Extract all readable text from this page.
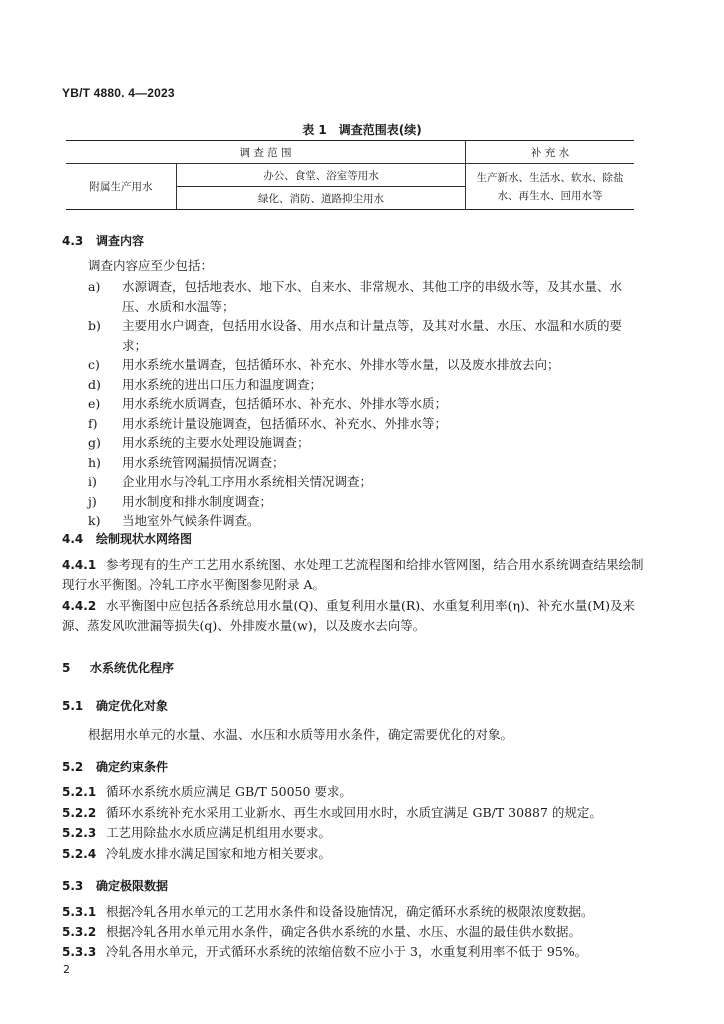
YB/T 4880. 4—2023
表 1　调查范围表(续)
调 查 范 围		补 充 水
附属生产用水	办公、食堂、浴室等用水	生产新水、生活水、软水、除盐水、再生水、回用水等
	绿化、消防、道路抑尘用水	
4.3 调查内容
调查内容应至少包括：
a)	水源调查，包括地表水、地下水、自来水、非常规水、其他工序的串级水等，及其水量、水压、水质和水温等；
b)	主要用水户调查，包括用水设备、用水点和计量点等，及其对水量、水压、水温和水质的要求；
c)	用水系统水量调查，包括循环水、补充水、外排水等水量，以及废水排放去向；
d)	用水系统的进出口压力和温度调查；
e)	用水系统水质调查，包括循环水、补充水、外排水等水质；
f)	用水系统计量设施调查，包括循环水、补充水、外排水等；
g)	用水系统的主要水处理设施调查；
h)	用水系统管网漏损情况调查；
i)	企业用水与冷轧工序用水系统相关情况调查；
j)	用水制度和排水制度调查；
k)	当地室外气候条件调查。
4.4 绘制现状水网络图
4.4.1 参考现有的生产工艺用水系统图、水处理工艺流程图和给排水管网图，结合用水系统调查结果绘制现行水平衡图。冷轧工序水平衡图参见附录 A。
4.4.2 水平衡图中应包括各系统总用水量(Q)、重复利用水量(R)、水重复利用率(η)、补充水量(M)及来源、蒸发风吹泄漏等损失(q)、外排废水量(w)，以及废水去向等。
5 水系统优化程序
5.1 确定优化对象
根据用水单元的水量、水温、水压和水质等用水条件，确定需要优化的对象。
5.2 确定约束条件
5.2.1 循环水系统水质应满足 GB/T 50050 要求。
5.2.2 循环水系统补充水采用工业新水、再生水或回用水时，水质宜满足 GB/T 30887 的规定。
5.2.3 工艺用除盐水水质应满足机组用水要求。
5.2.4 冷轧废水排水满足国家和地方相关要求。
5.3 确定极限数据
5.3.1 根据冷轧各用水单元的工艺用水条件和设备设施情况，确定循环水系统的极限浓度数据。
5.3.2 根据冷轧各用水单元用水条件，确定各供水系统的水量、水压、水温的最佳供水数据。
5.3.3 冷轧各用水单元，开式循环水系统的浓缩倍数不应小于 3，水重复利用率不低于 95%。
2
